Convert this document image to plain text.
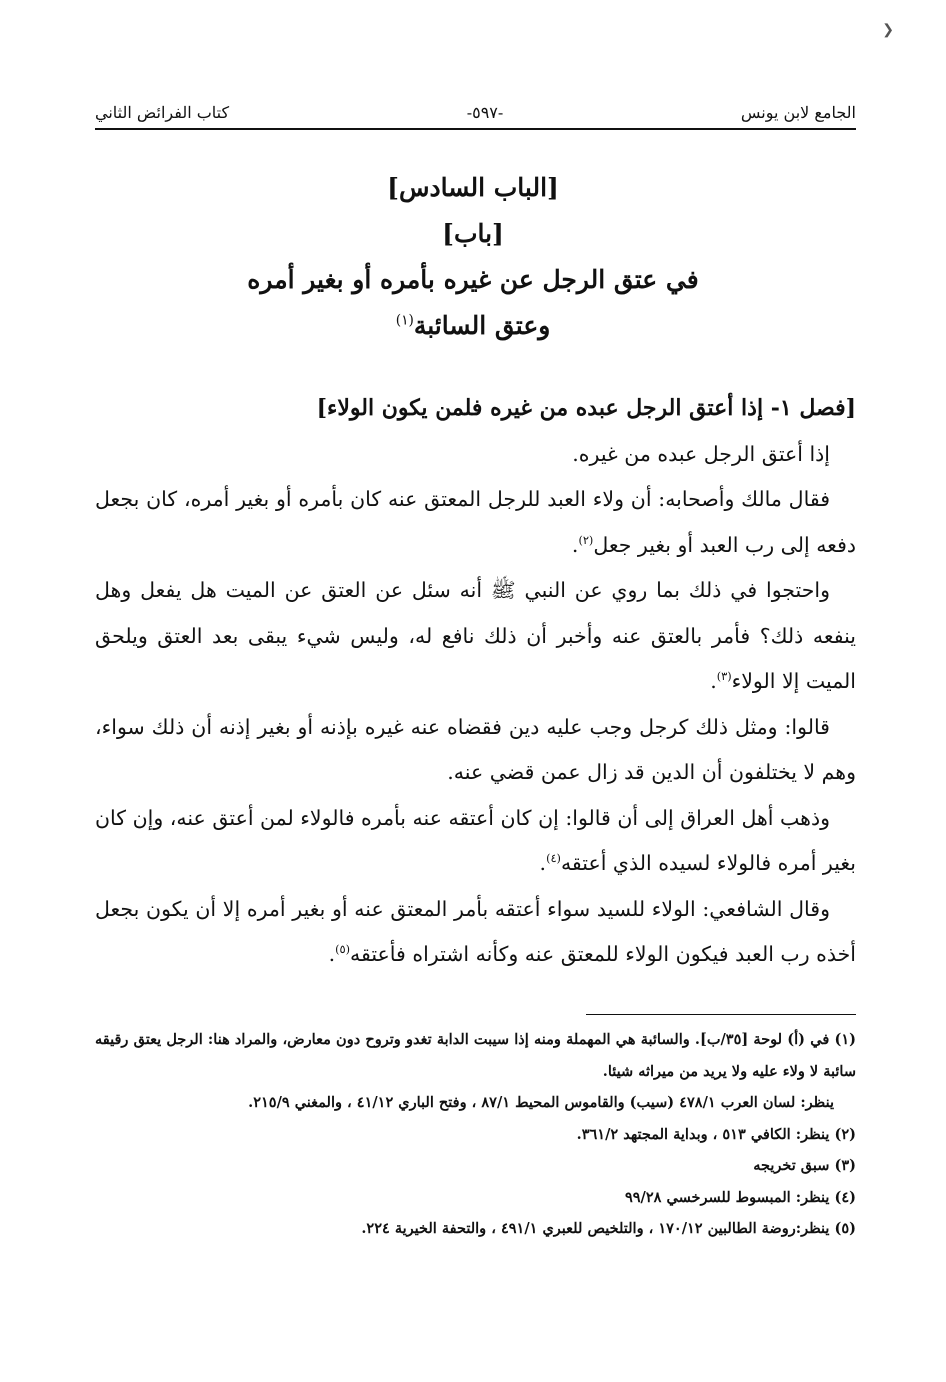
❯
كتاب الفرائض الثاني	-٥٩٧-	الجامع لابن يونس
[الباب السادس]
[باب]
في عتق الرجل عن غيره بأمره أو بغير أمره
وعتق السائبة$^{(١)}$

[فصل ١- إذا أعتق الرجل عبده من غيره فلمن يكون الولاء]

إذا أعتق الرجل عبده من غيره.

فقال مالك وأصحابه: أن ولاء العبد للرجل المعتق عنه كان بأمره أو بغير أمره، كان بجعل دفعه إلى رب العبد أو بغير جعل$^{(٢)}$.

واحتجوا في ذلك بما روي عن النبي ﷺ أنه سئل عن العتق عن الميت هل يفعل وهل ينفعه ذلك؟ فأمر بالعتق عنه وأخبر أن ذلك نافع له، وليس شيء يبقى بعد العتق ويلحق الميت إلا الولاء$^{(٣)}$.

قالوا: ومثل ذلك كرجل وجب عليه دين فقضاه عنه غيره بإذنه أو بغير إذنه أن ذلك سواء، وهم لا يختلفون أن الدين قد زال عمن قضي عنه.

وذهب أهل العراق إلى أن قالوا: إن كان أعتقه عنه بأمره فالولاء لمن أعتق عنه، وإن كان بغير أمره فالولاء لسيده الذي أعتقه$^{(٤)}$.

وقال الشافعي: الولاء للسيد سواء أعتقه بأمر المعتق عنه أو بغير أمره إلا أن يكون بجعل أخذه رب العبد فيكون الولاء للمعتق عنه وكأنه اشتراه فأعتقه$^{(٥)}$.

(١) في (أ) لوحة [٣٥/ب]. والسائبة هي المهملة ومنه إذا سيبت الدابة تغدو وتروح دون معارض، والمراد هنا: الرجل يعتق رقيقه سائبة لا ولاء عليه ولا يريد من ميراثه شيئا.

ينظر: لسان العرب ٤٧٨/١ (سيب) والقاموس المحيط ٨٧/١ ، وفتح الباري ٤١/١٢ ، والمغني ٢١٥/٩.

(٢) ينظر: الكافي ٥١٣ ، وبداية المجتهد ٣٦١/٢.

(٣) سبق تخريجه

(٤) ينظر: المبسوط للسرخسي ٩٩/٢٨

(٥) ينظر:روضة الطالبين ١٧٠/١٢ ، والتلخيص للعبري ٤٩١/١ ، والتحفة الخيرية ٢٢٤.
